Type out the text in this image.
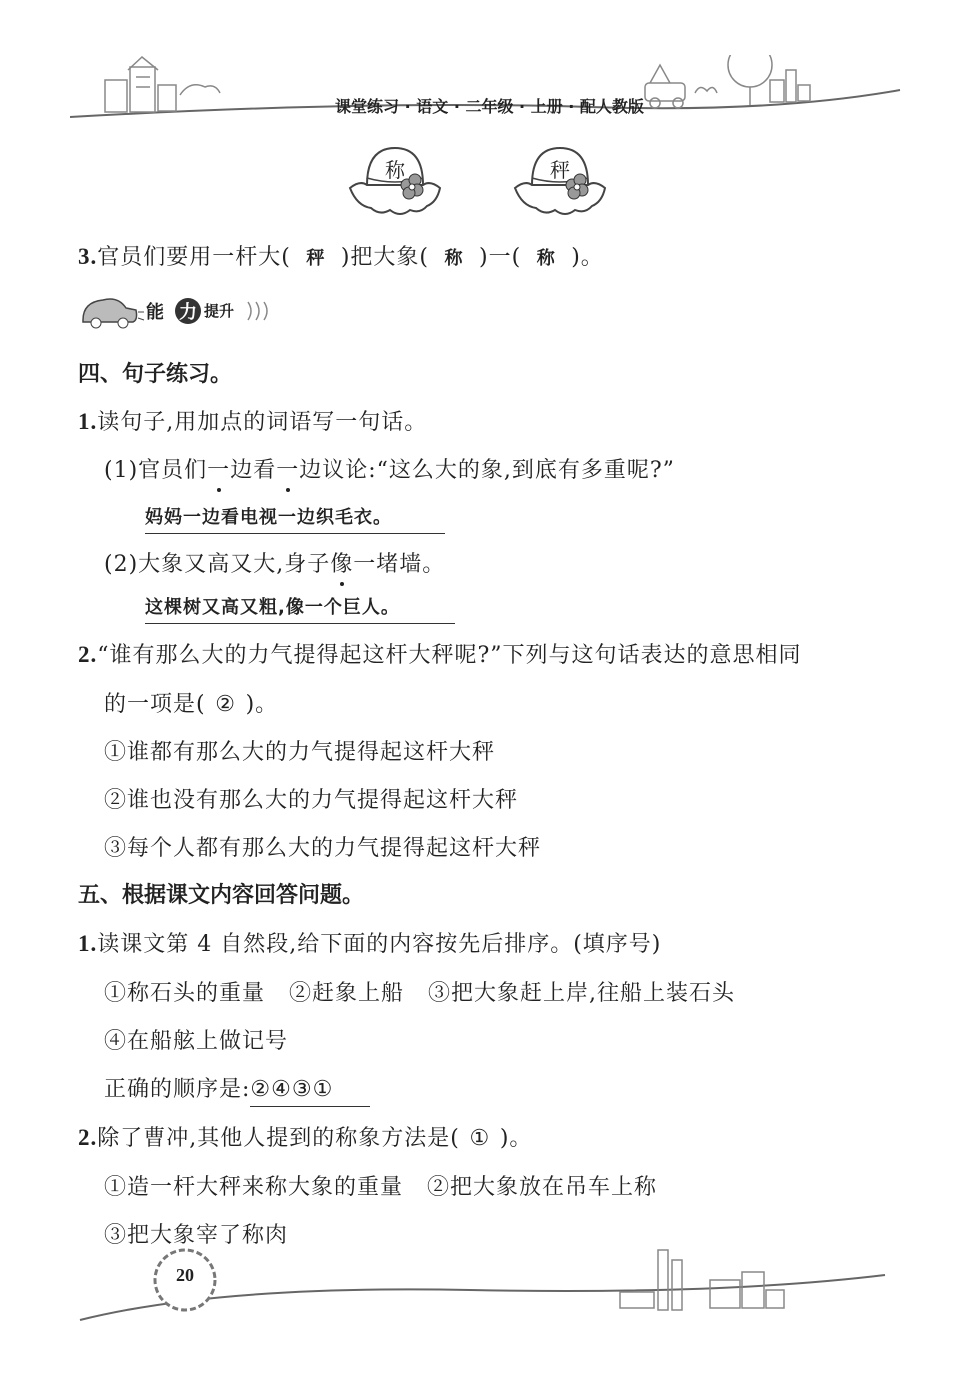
课堂练习 · 语文 · 二年级 · 上册 · 配人教版
称	秤
3.官员们要用一杆大( 秤 )把大象( 称 )一( 称 )。
能 力 提升
四、句子练习。
1.读句子,用加点的词语写一句话。
(1)官员们一边看一边议论:“这么大的象,到底有多重呢?”
妈妈一边看电视一边织毛衣。
(2)大象又高又大,身子像一堵墙。
这棵树又高又粗,像一个巨人。
2.“谁有那么大的力气提得起这杆大秤呢?”下列与这句话表达的意思相同
的一项是( ② )。
①谁都有那么大的力气提得起这杆大秤
②谁也没有那么大的力气提得起这杆大秤
③每个人都有那么大的力气提得起这杆大秤
五、根据课文内容回答问题。
1.读课文第 4 自然段,给下面的内容按先后排序。(填序号)
①称石头的重量   ②赶象上船   ③把大象赶上岸,往船上装石头
④在船舷上做记号
正确的顺序是:②④③①
2.除了曹冲,其他人提到的称象方法是( ① )。
①造一杆大秤来称大象的重量   ②把大象放在吊车上称
③把大象宰了称肉
20
